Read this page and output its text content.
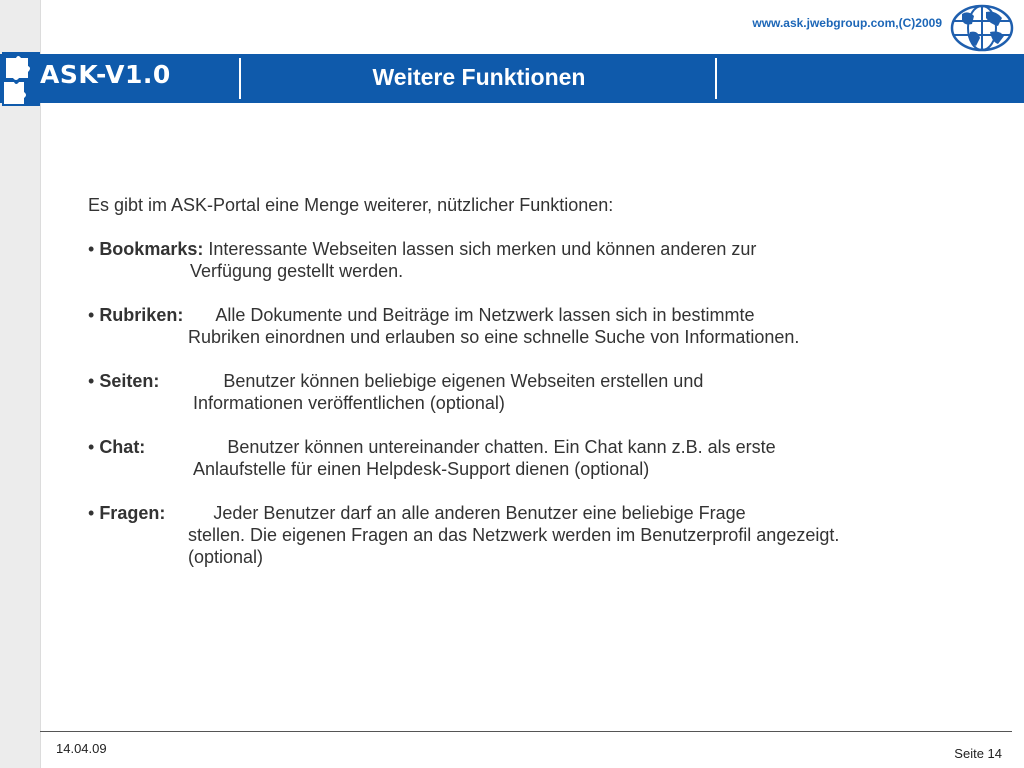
www.ask.jwebgroup.com,(C)2009
ASK-V1.0	Weitere Funktionen

Es gibt im ASK-Portal eine Menge weiterer, nützlicher Funktionen:

• Bookmarks: Interessante Webseiten lassen sich merken und können anderen zur

Verfügung gestellt werden.

• Rubriken: Alle Dokumente und Beiträge im Netzwerk lassen sich in bestimmte

Rubriken einordnen und erlauben so eine schnelle Suche von Informationen.

• Seiten:	Benutzer können beliebige eigenen Webseiten erstellen und

Informationen veröffentlichen (optional)

• Chat:	Benutzer können untereinander chatten. Ein Chat kann z.B. als erste

Anlaufstelle für einen Helpdesk-Support dienen (optional)

• Fragen:	Jeder Benutzer darf an alle anderen Benutzer eine beliebige Frage

stellen. Die eigenen Fragen an das Netzwerk werden im Benutzerprofil angezeigt.(optional)

14.04.09	Seite 14
